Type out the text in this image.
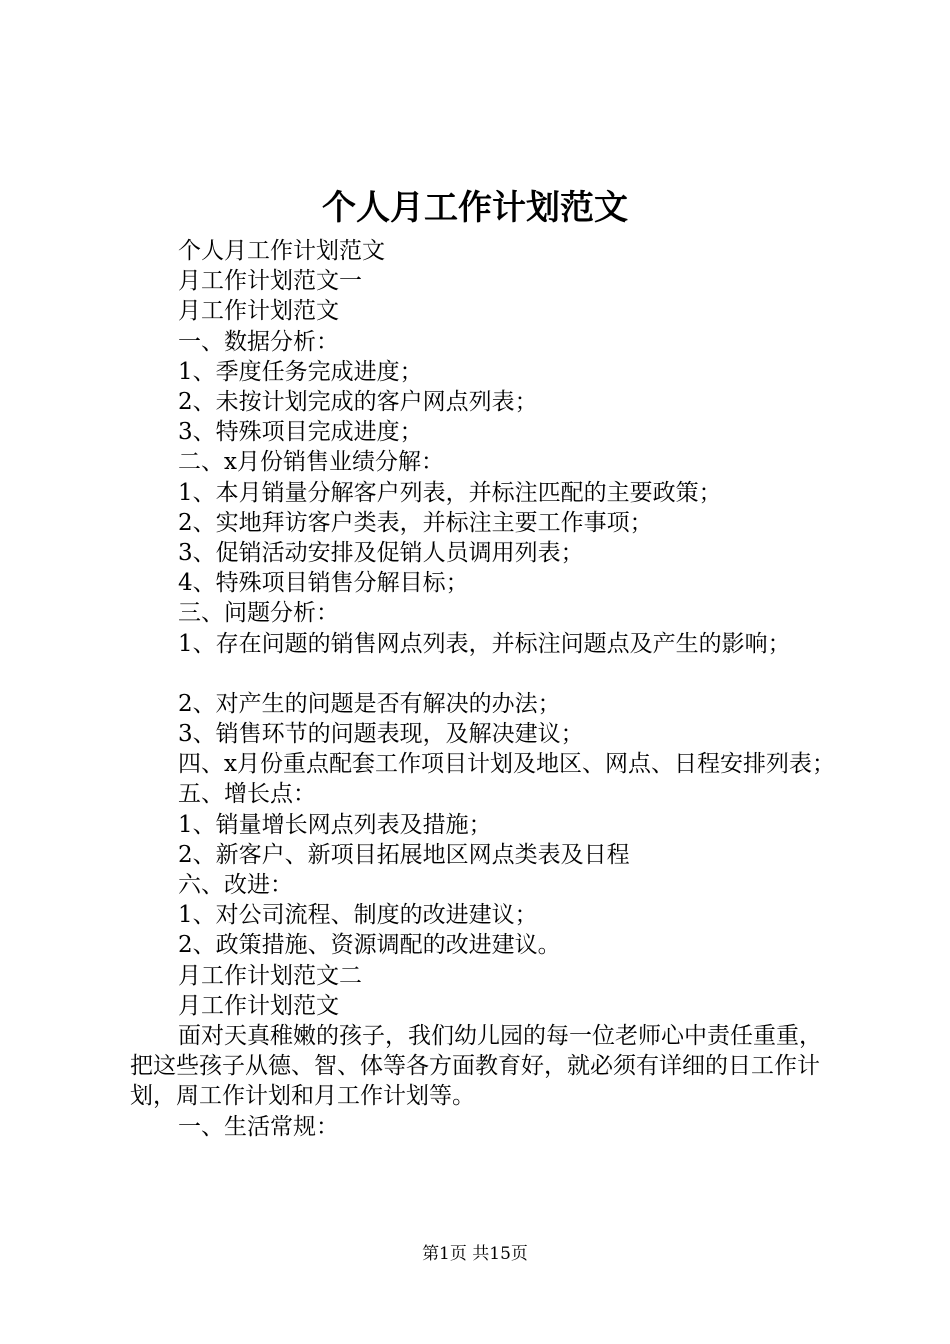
个人月工作计划范文

个人月工作计划范文

月工作计划范文一

月工作计划范文

一、数据分析：

1、季度任务完成进度；

2、未按计划完成的客户网点列表；

3、特殊项目完成进度；

二、x月份销售业绩分解：

1、本月销量分解客户列表，并标注匹配的主要政策；

2、实地拜访客户类表，并标注主要工作事项；

3、促销活动安排及促销人员调用列表；

4、特殊项目销售分解目标；

三、问题分析：

1、存在问题的销售网点列表，并标注问题点及产生的影响；

2、对产生的问题是否有解决的办法；

3、销售环节的问题表现，及解决建议；

四、x月份重点配套工作项目计划及地区、网点、日程安排列表；

五、增长点：

1、销量增长网点列表及措施；

2、新客户、新项目拓展地区网点类表及日程

六、改进：

1、对公司流程、制度的改进建议；

2、政策措施、资源调配的改进建议。

月工作计划范文二

月工作计划范文

面对天真稚嫩的孩子，我们幼儿园的每一位老师心中责任重重，把这些孩子从德、智、体等各方面教育好，就必须有详细的日工作计划，周工作计划和月工作计划等。

一、生活常规：

第1页 共15页
